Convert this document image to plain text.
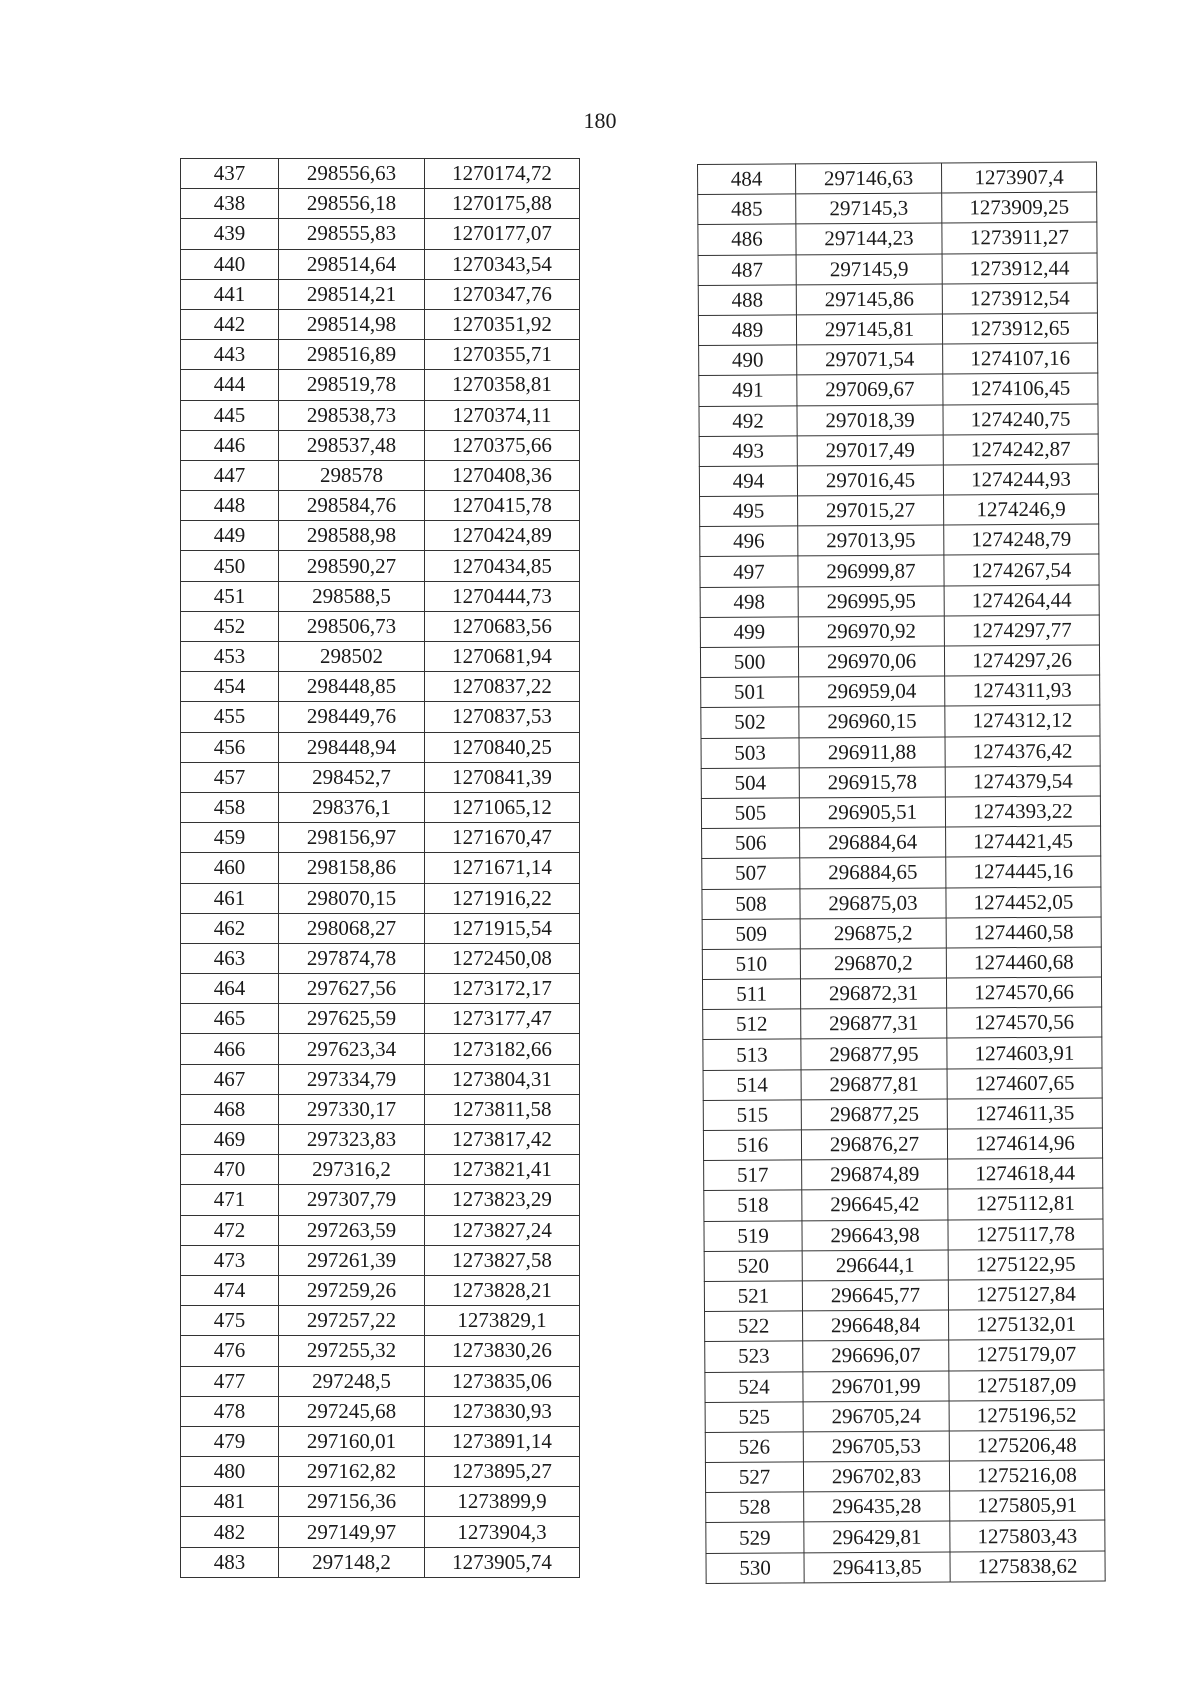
180
437	298556,63	1270174,72
438	298556,18	1270175,88
439	298555,83	1270177,07
440	298514,64	1270343,54
441	298514,21	1270347,76
442	298514,98	1270351,92
443	298516,89	1270355,71
444	298519,78	1270358,81
445	298538,73	1270374,11
446	298537,48	1270375,66
447	298578	1270408,36
448	298584,76	1270415,78
449	298588,98	1270424,89
450	298590,27	1270434,85
451	298588,5	1270444,73
452	298506,73	1270683,56
453	298502	1270681,94
454	298448,85	1270837,22
455	298449,76	1270837,53
456	298448,94	1270840,25
457	298452,7	1270841,39
458	298376,1	1271065,12
459	298156,97	1271670,47
460	298158,86	1271671,14
461	298070,15	1271916,22
462	298068,27	1271915,54
463	297874,78	1272450,08
464	297627,56	1273172,17
465	297625,59	1273177,47
466	297623,34	1273182,66
467	297334,79	1273804,31
468	297330,17	1273811,58
469	297323,83	1273817,42
470	297316,2	1273821,41
471	297307,79	1273823,29
472	297263,59	1273827,24
473	297261,39	1273827,58
474	297259,26	1273828,21
475	297257,22	1273829,1
476	297255,32	1273830,26
477	297248,5	1273835,06
478	297245,68	1273830,93
479	297160,01	1273891,14
480	297162,82	1273895,27
481	297156,36	1273899,9
482	297149,97	1273904,3
483	297148,2	1273905,74
484	297146,63	1273907,4
485	297145,3	1273909,25
486	297144,23	1273911,27
487	297145,9	1273912,44
488	297145,86	1273912,54
489	297145,81	1273912,65
490	297071,54	1274107,16
491	297069,67	1274106,45
492	297018,39	1274240,75
493	297017,49	1274242,87
494	297016,45	1274244,93
495	297015,27	1274246,9
496	297013,95	1274248,79
497	296999,87	1274267,54
498	296995,95	1274264,44
499	296970,92	1274297,77
500	296970,06	1274297,26
501	296959,04	1274311,93
502	296960,15	1274312,12
503	296911,88	1274376,42
504	296915,78	1274379,54
505	296905,51	1274393,22
506	296884,64	1274421,45
507	296884,65	1274445,16
508	296875,03	1274452,05
509	296875,2	1274460,58
510	296870,2	1274460,68
511	296872,31	1274570,66
512	296877,31	1274570,56
513	296877,95	1274603,91
514	296877,81	1274607,65
515	296877,25	1274611,35
516	296876,27	1274614,96
517	296874,89	1274618,44
518	296645,42	1275112,81
519	296643,98	1275117,78
520	296644,1	1275122,95
521	296645,77	1275127,84
522	296648,84	1275132,01
523	296696,07	1275179,07
524	296701,99	1275187,09
525	296705,24	1275196,52
526	296705,53	1275206,48
527	296702,83	1275216,08
528	296435,28	1275805,91
529	296429,81	1275803,43
530	296413,85	1275838,62
